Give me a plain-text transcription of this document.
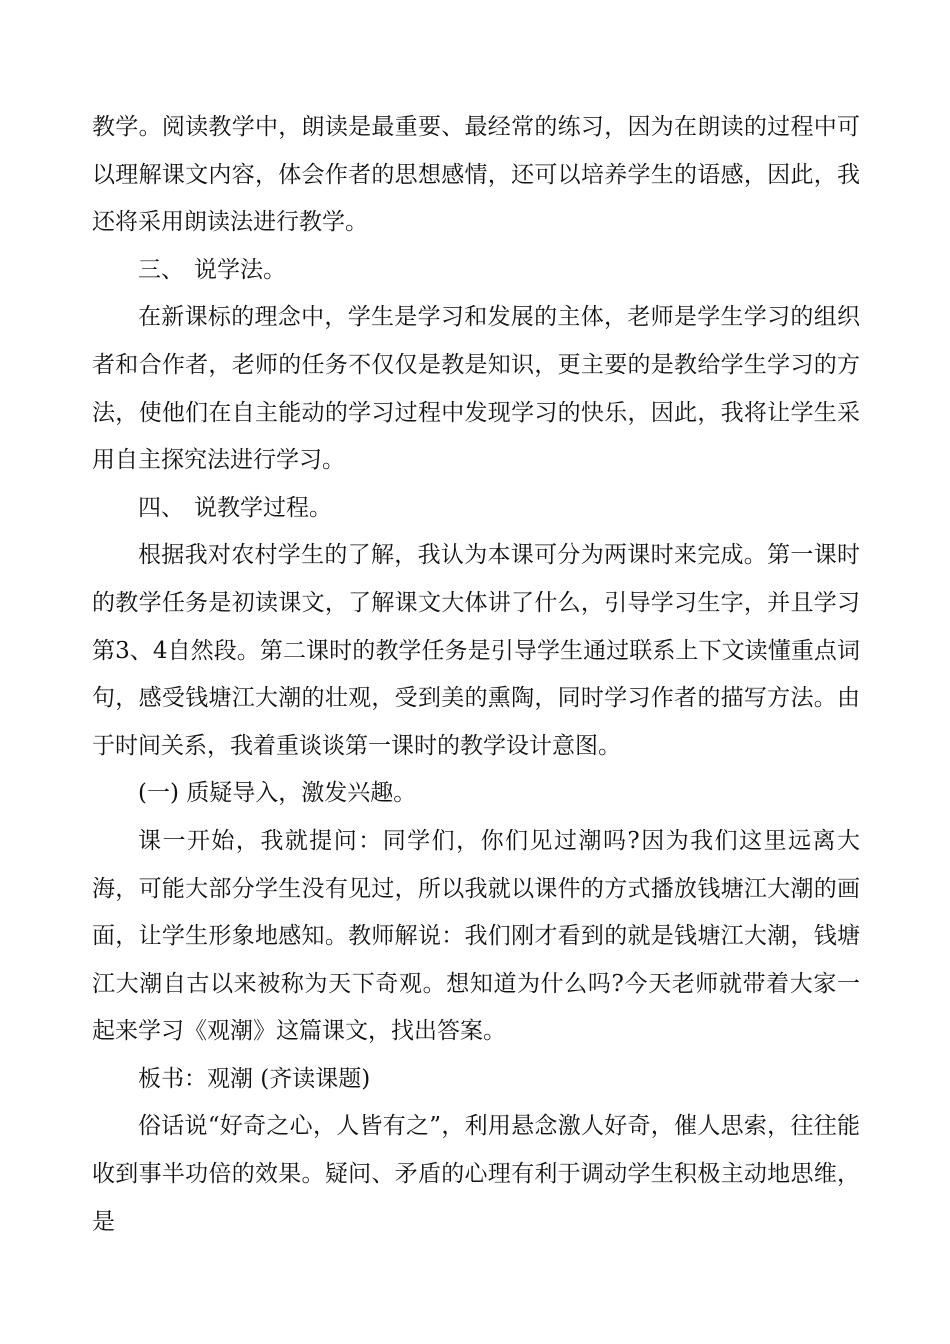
教学。阅读教学中，朗读是最重要、最经常的练习，因为在朗读的过程中可以理解课文内容，体会作者的思想感情，还可以培养学生的语感，因此，我还将采用朗读法进行教学。

三、 说学法。

在新课标的理念中，学生是学习和发展的主体，老师是学生学习的组织者和合作者，老师的任务不仅仅是教是知识，更主要的是教给学生学习的方法，使他们在自主能动的学习过程中发现学习的快乐，因此，我将让学生采用自主探究法进行学习。

四、 说教学过程。

根据我对农村学生的了解，我认为本课可分为两课时来完成。第一课时的教学任务是初读课文，了解课文大体讲了什么，引导学习生字，并且学习第3、4自然段。第二课时的教学任务是引导学生通过联系上下文读懂重点词句，感受钱塘江大潮的壮观，受到美的熏陶，同时学习作者的描写方法。由于时间关系，我着重谈谈第一课时的教学设计意图。

(一) 质疑导入，激发兴趣。

课一开始，我就提问：同学们，你们见过潮吗?因为我们这里远离大海，可能大部分学生没有见过，所以我就以课件的方式播放钱塘江大潮的画面，让学生形象地感知。教师解说：我们刚才看到的就是钱塘江大潮，钱塘江大潮自古以来被称为天下奇观。想知道为什么吗?今天老师就带着大家一起来学习《观潮》这篇课文，找出答案。

板书：观潮 (齐读课题)

俗话说“好奇之心，人皆有之”，利用悬念激人好奇，催人思索，往往能收到事半功倍的效果。疑问、矛盾的心理有利于调动学生积极主动地思维，是
